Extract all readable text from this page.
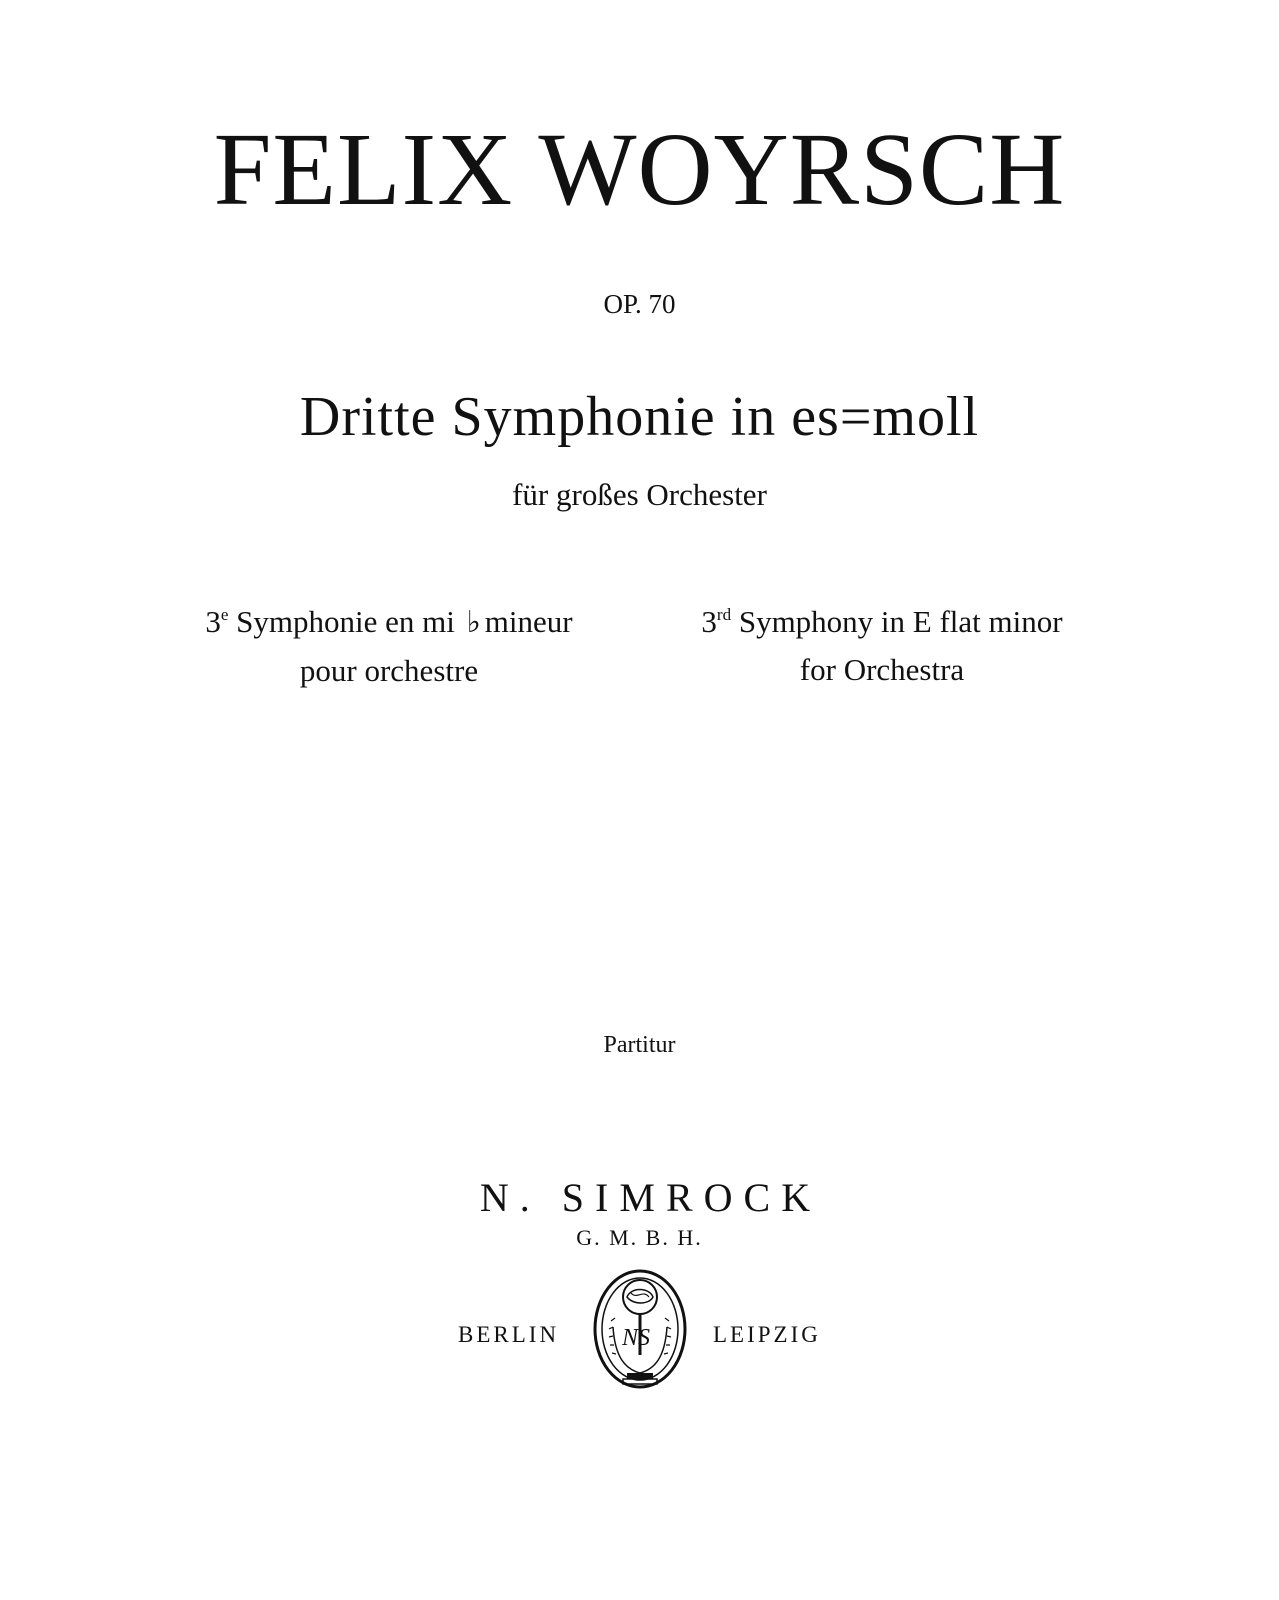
FELIX WOYRSCH
OP. 70
Dritte Symphonie in es=moll
für großes Orchester
3e Symphonie en mi ♭ mineur
pour orchestre
3rd Symphony in E flat minor
for Orchestra
Partitur
N. SIMROCK
G. M. B. H.
BERLIN	NS	LEIPZIG
